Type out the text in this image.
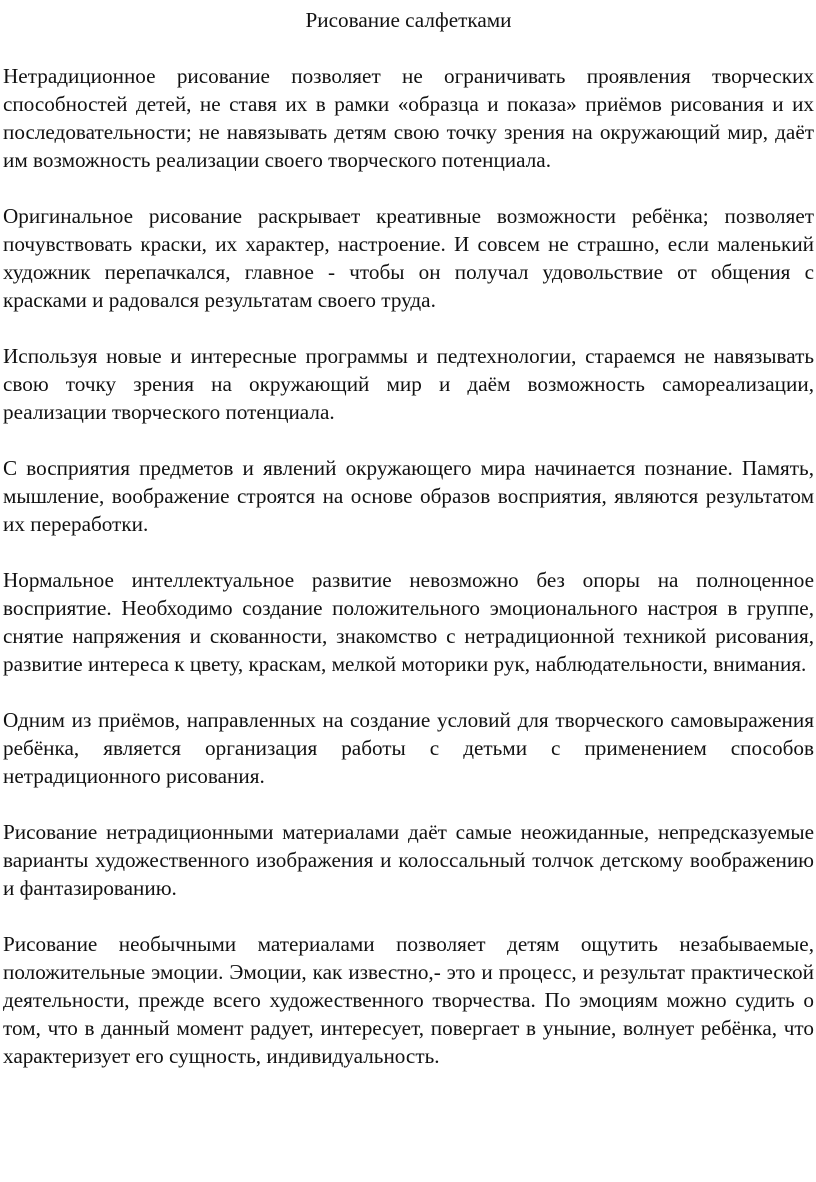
Рисование салфетками

Нетрадиционное рисование позволяет не ограничивать проявления творческих способностей детей, не ставя их в рамки «образца и показа» приёмов рисования и их последовательности; не навязывать детям свою точку зрения на окружающий мир, даёт им возможность реализации своего творческого потенциала.

Оригинальное рисование раскрывает креативные возможности ребёнка; позволяет почувствовать краски, их характер, настроение. И совсем не страшно, если маленький художник перепачкался, главное - чтобы он получал удовольствие от общения с красками и радовался результатам своего труда.

Используя новые и интересные программы и педтехнологии, стараемся не навязывать свою точку зрения на окружающий мир и даём возможность самореализации, реализации творческого потенциала.

С восприятия предметов и явлений окружающего мира начинается познание. Память, мышление, воображение строятся на основе образов восприятия, являются результатом их переработки.

Нормальное интеллектуальное развитие невозможно без опоры на полноценное восприятие. Необходимо создание положительного эмоционального настроя в группе, снятие напряжения и скованности, знакомство с нетрадиционной техникой рисования, развитие интереса к цвету, краскам, мелкой моторики рук, наблюдательности, внимания.

Одним из приёмов, направленных на создание условий для творческого самовыражения ребёнка, является организация работы с детьми с применением способов нетрадиционного рисования.

Рисование нетрадиционными материалами даёт самые неожиданные, непредсказуемые варианты художественного изображения и колоссальный толчок детскому воображению и фантазированию.

Рисование необычными материалами позволяет детям ощутить незабываемые, положительные эмоции. Эмоции, как известно,- это и процесс, и результат практической деятельности, прежде всего художественного творчества. По эмоциям можно судить о том, что в данный момент радует, интересует, повергает в уныние, волнует ребёнка, что характеризует его сущность, индивидуальность.
